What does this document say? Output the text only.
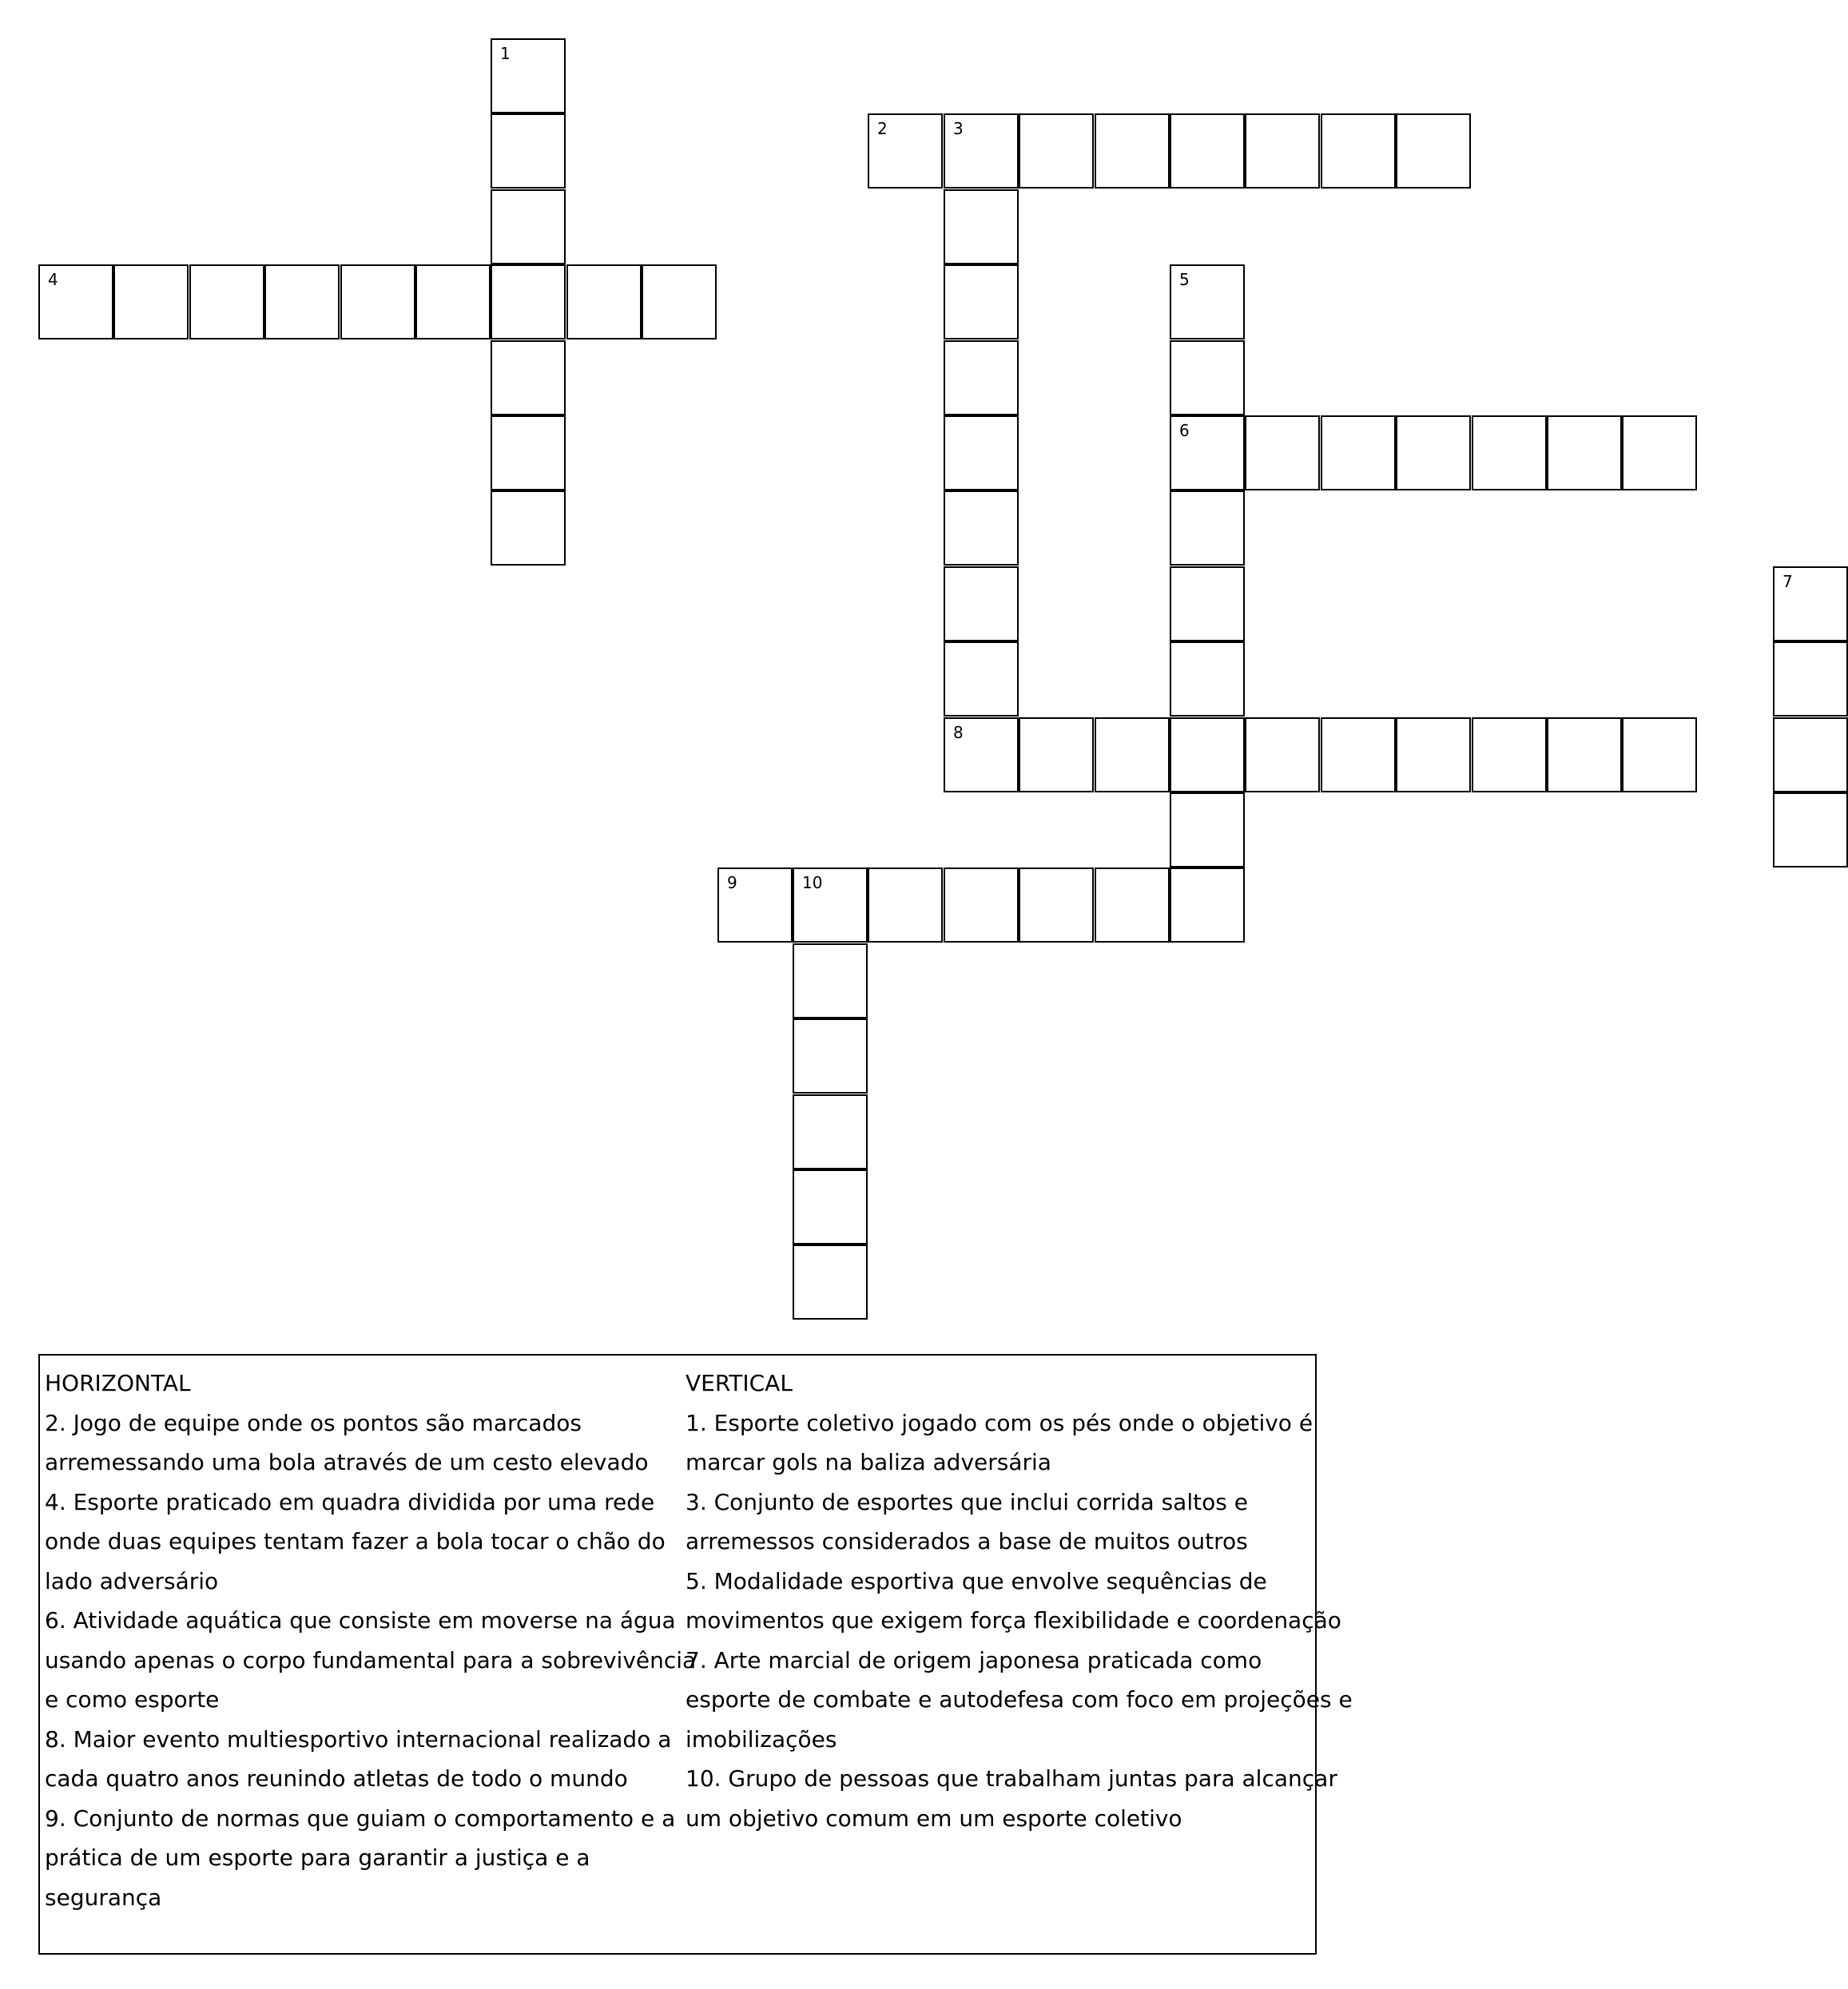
1
2	3
4	5
6
7
8
9	10
HORIZONTAL
2. Jogo de equipe onde os pontos são marcados
arremessando uma bola através de um cesto elevado
4. Esporte praticado em quadra dividida por uma rede
onde duas equipes tentam fazer a bola tocar o chão do
lado adversário
6. Atividade aquática que consiste em moverse na água
usando apenas o corpo fundamental para a sobrevivência
e como esporte
8. Maior evento multiesportivo internacional realizado a
cada quatro anos reunindo atletas de todo o mundo
9. Conjunto de normas que guiam o comportamento e a
prática de um esporte para garantir a justiça e a
segurança
VERTICAL
1. Esporte coletivo jogado com os pés onde o objetivo é
marcar gols na baliza adversária
3. Conjunto de esportes que inclui corrida saltos e
arremessos considerados a base de muitos outros
5. Modalidade esportiva que envolve sequências de
movimentos que exigem força flexibilidade e coordenação
7. Arte marcial de origem japonesa praticada como
esporte de combate e autodefesa com foco em projeções e
imobilizações
10. Grupo de pessoas que trabalham juntas para alcançar
um objetivo comum em um esporte coletivo
